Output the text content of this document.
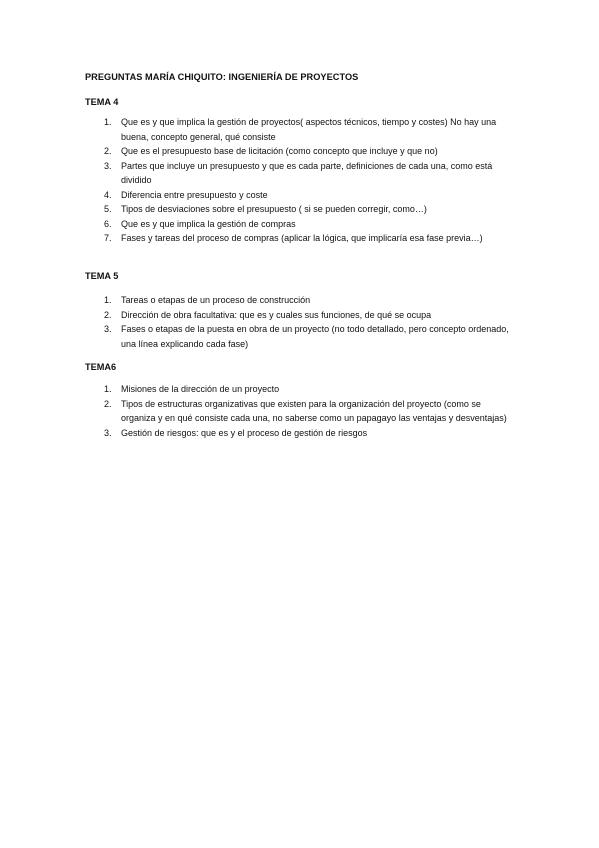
PREGUNTAS MARÍA CHIQUITO: INGENIERÍA DE PROYECTOS
TEMA 4
1. Que es y que implica la gestión de proyectos( aspectos técnicos, tiempo y costes) No hay una buena, concepto general, qué consiste
2. Que es el presupuesto base de licitación (como concepto que incluye y que no)
3. Partes que incluye un presupuesto y que es cada parte, definiciones de cada una, como está dividido
4. Diferencia entre presupuesto y coste
5. Tipos de desviaciones sobre el presupuesto ( si se pueden corregir, como…)
6. Que es y que implica la gestión de compras
7. Fases y tareas del proceso de compras (aplicar la lógica, que implicaría esa fase previa…)
TEMA 5
1. Tareas o etapas de un proceso de construcción
2. Dirección de obra facultativa: que es y cuales sus funciones, de qué se ocupa
3. Fases o etapas de la puesta en obra de un proyecto (no todo detallado, pero concepto ordenado, una línea explicando cada fase)
TEMA6
1. Misiones de la dirección de un proyecto
2. Tipos de estructuras organizativas que existen para la organización del proyecto (como se organiza y en qué consiste cada una, no saberse como un papagayo las ventajas y desventajas)
3. Gestión de riesgos: que es y el proceso de gestión de riesgos
